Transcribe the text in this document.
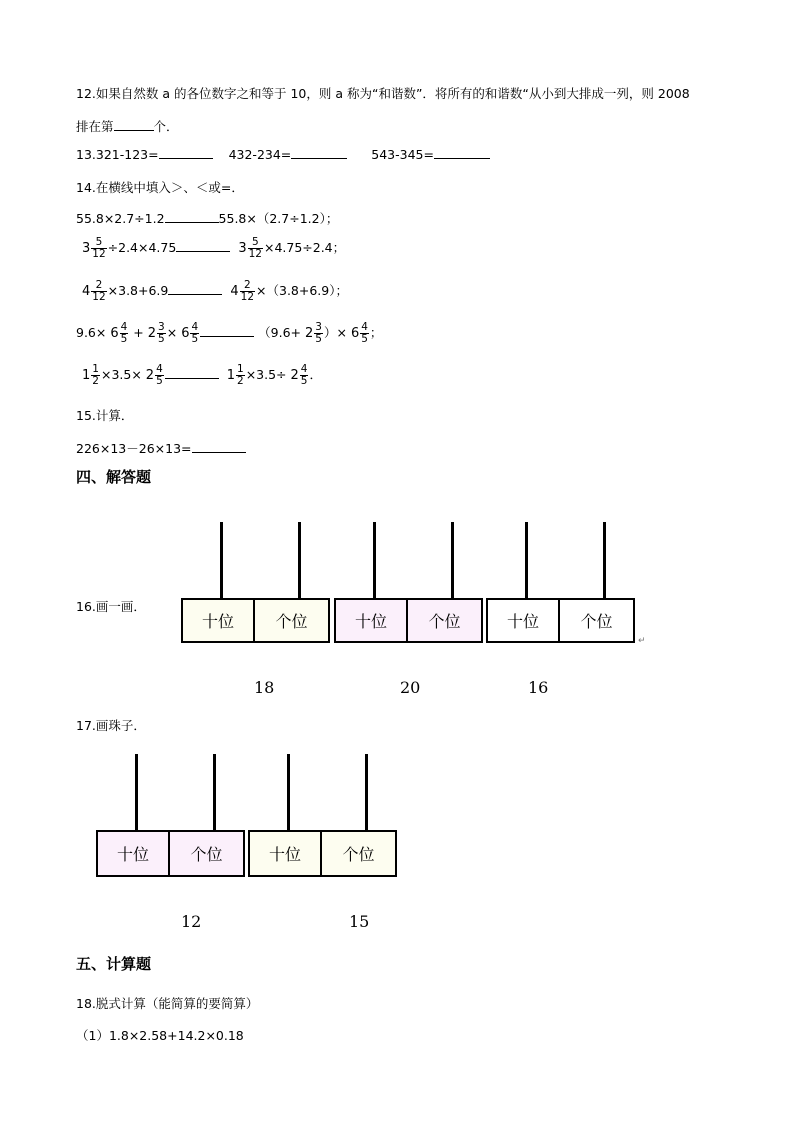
12.如果自然数 a 的各位数字之和等于 10，则 a 称为“和谐数”．将所有的和谐数“从小到大排成一列，则 2008
排在第	个．
13.321-123=	432-234=	543-345=
14.在横线中填入＞、＜或=．
55.8×2.7÷1.2	55.8×（2.7÷1.2）；
$3 \frac{5}{12} \div 2.4\times 4.75$	$3 \frac{5}{12} \times 4.75\div 2.4$；
$4 \frac{2}{12} \times 3.8+6.9$	$4 \frac{2}{12} \times(3.8+6.9)$；
$9.6\times 6 \frac{4}{5} + 2 \frac{3}{5} \times 6 \frac{4}{5}$	（$9.6+ 2 \frac{3}{5}$ ）× $6 \frac{4}{5}$ ；
$1 \frac{1}{2} \times 3.5\times 2 \frac{4}{5}$	$1 \frac{1}{2} \times 3.5\div 2 \frac{4}{5}$ ．
15.计算．
226×13－26×13=
四、解答题
16.画一画．
十位	个位	十位	个位	十位	个位
↵
18	20	16
17.画珠子．
十位	个位	十位	个位
12	15
五、计算题
18.脱式计算（能简算的要简算）
（1）1.8×2.58+14.2×0.18
